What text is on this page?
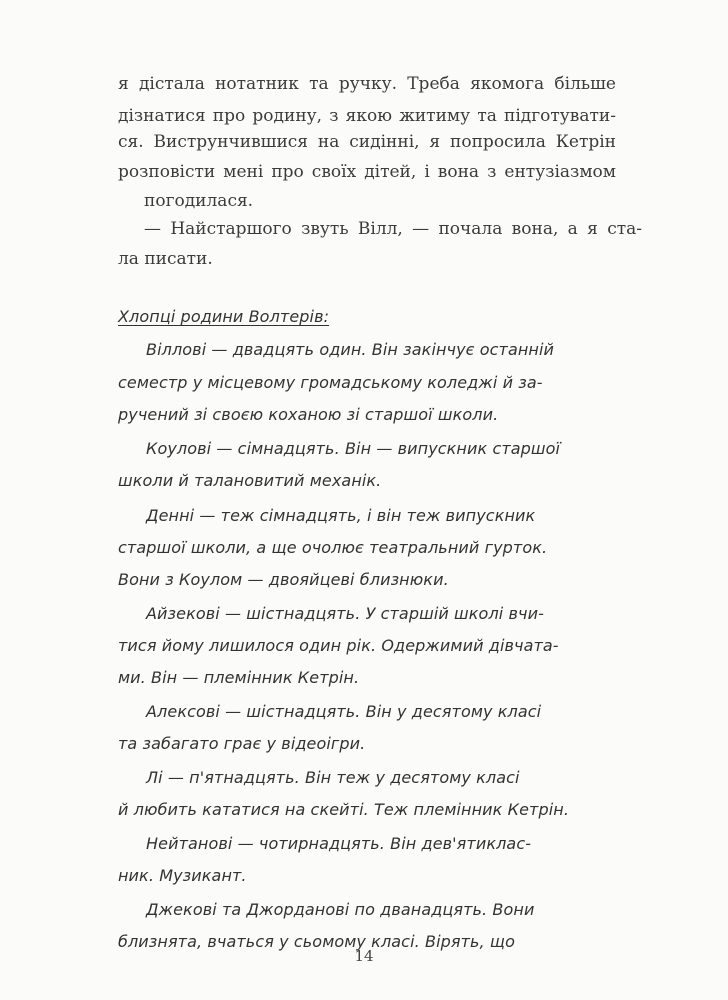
я дістала нотатник та ручку. Треба якомога більше
дізнатися про родину, з якою житиму та підготувати-
ся. Виструнчившися на сидінні, я попросила Кетрін
розповісти мені про своїх дітей, і вона з ентузіазмом
погодилася.
— Найстаршого звуть Вілл, — почала вона, а я ста-
ла писати.
Хлопці родини Волтерів:
Віллові — двадцять один. Він закінчує останній
семестр у місцевому громадському коледжі й за-
ручений зі своєю коханою зі старшої школи.
Коулові — сімнадцять. Він — випускник старшої
школи й талановитий механік.
Денні — теж сімнадцять, і він теж випускник
старшої школи, а ще очолює театральний гурток.
Вони з Коулом — двояйцеві близнюки.
Айзекові — шістнадцять. У старшій школі вчи-
тися йому лишилося один рік. Одержимий дівчата-
ми. Він — племінник Кетрін.
Алексові — шістнадцять. Він у десятому класі
та забагато грає у відеоігри.
Лі — п'ятнадцять. Він теж у десятому класі
й любить кататися на скейті. Теж племінник Кетрін.
Нейтанові — чотирнадцять. Він дев'ятиклас-
ник. Музикант.
Джекові та Джорданові по дванадцять. Вони
близнята, вчаться у сьомому класі. Вірять, що
14
